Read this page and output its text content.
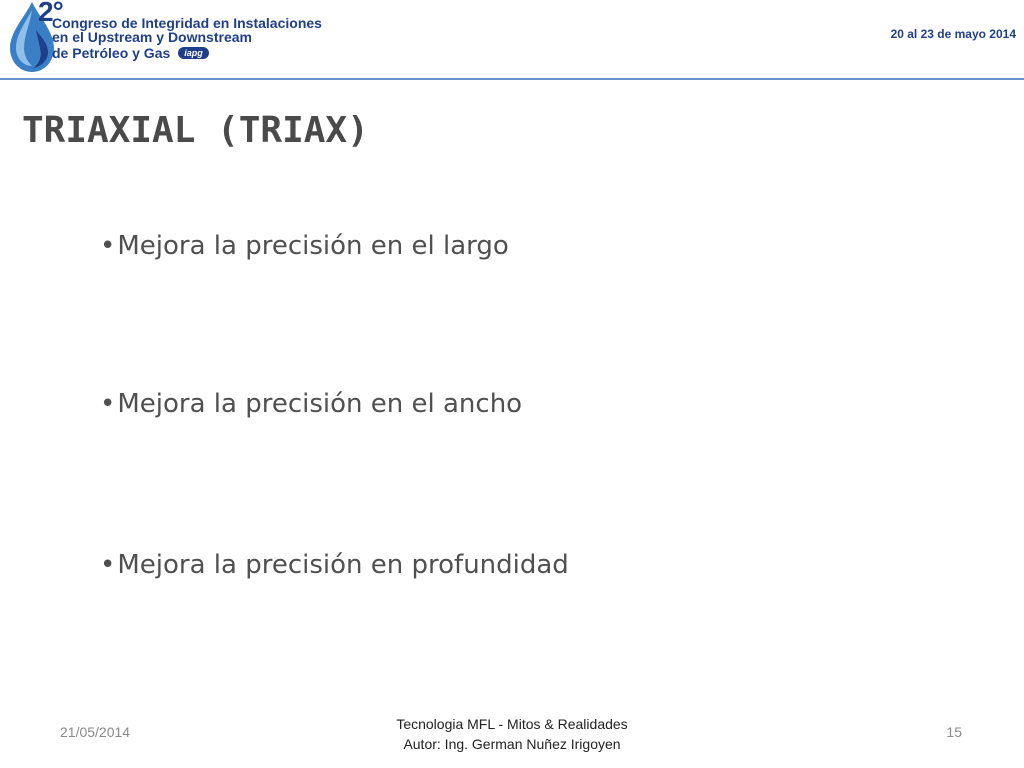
2°
Congreso de Integridad en Instalaciones
en el Upstream y Downstream
de Petróleo y Gas iapg
20 al 23 de mayo 2014
TRIAXIAL (TRIAX)
•Mejora la precisión en el largo
•Mejora la precisión en el ancho
•Mejora la precisión en profundidad
21/05/2014	Tecnologia MFL - Mitos & Realidades
Autor: Ing. German Nuñez Irigoyen
15
